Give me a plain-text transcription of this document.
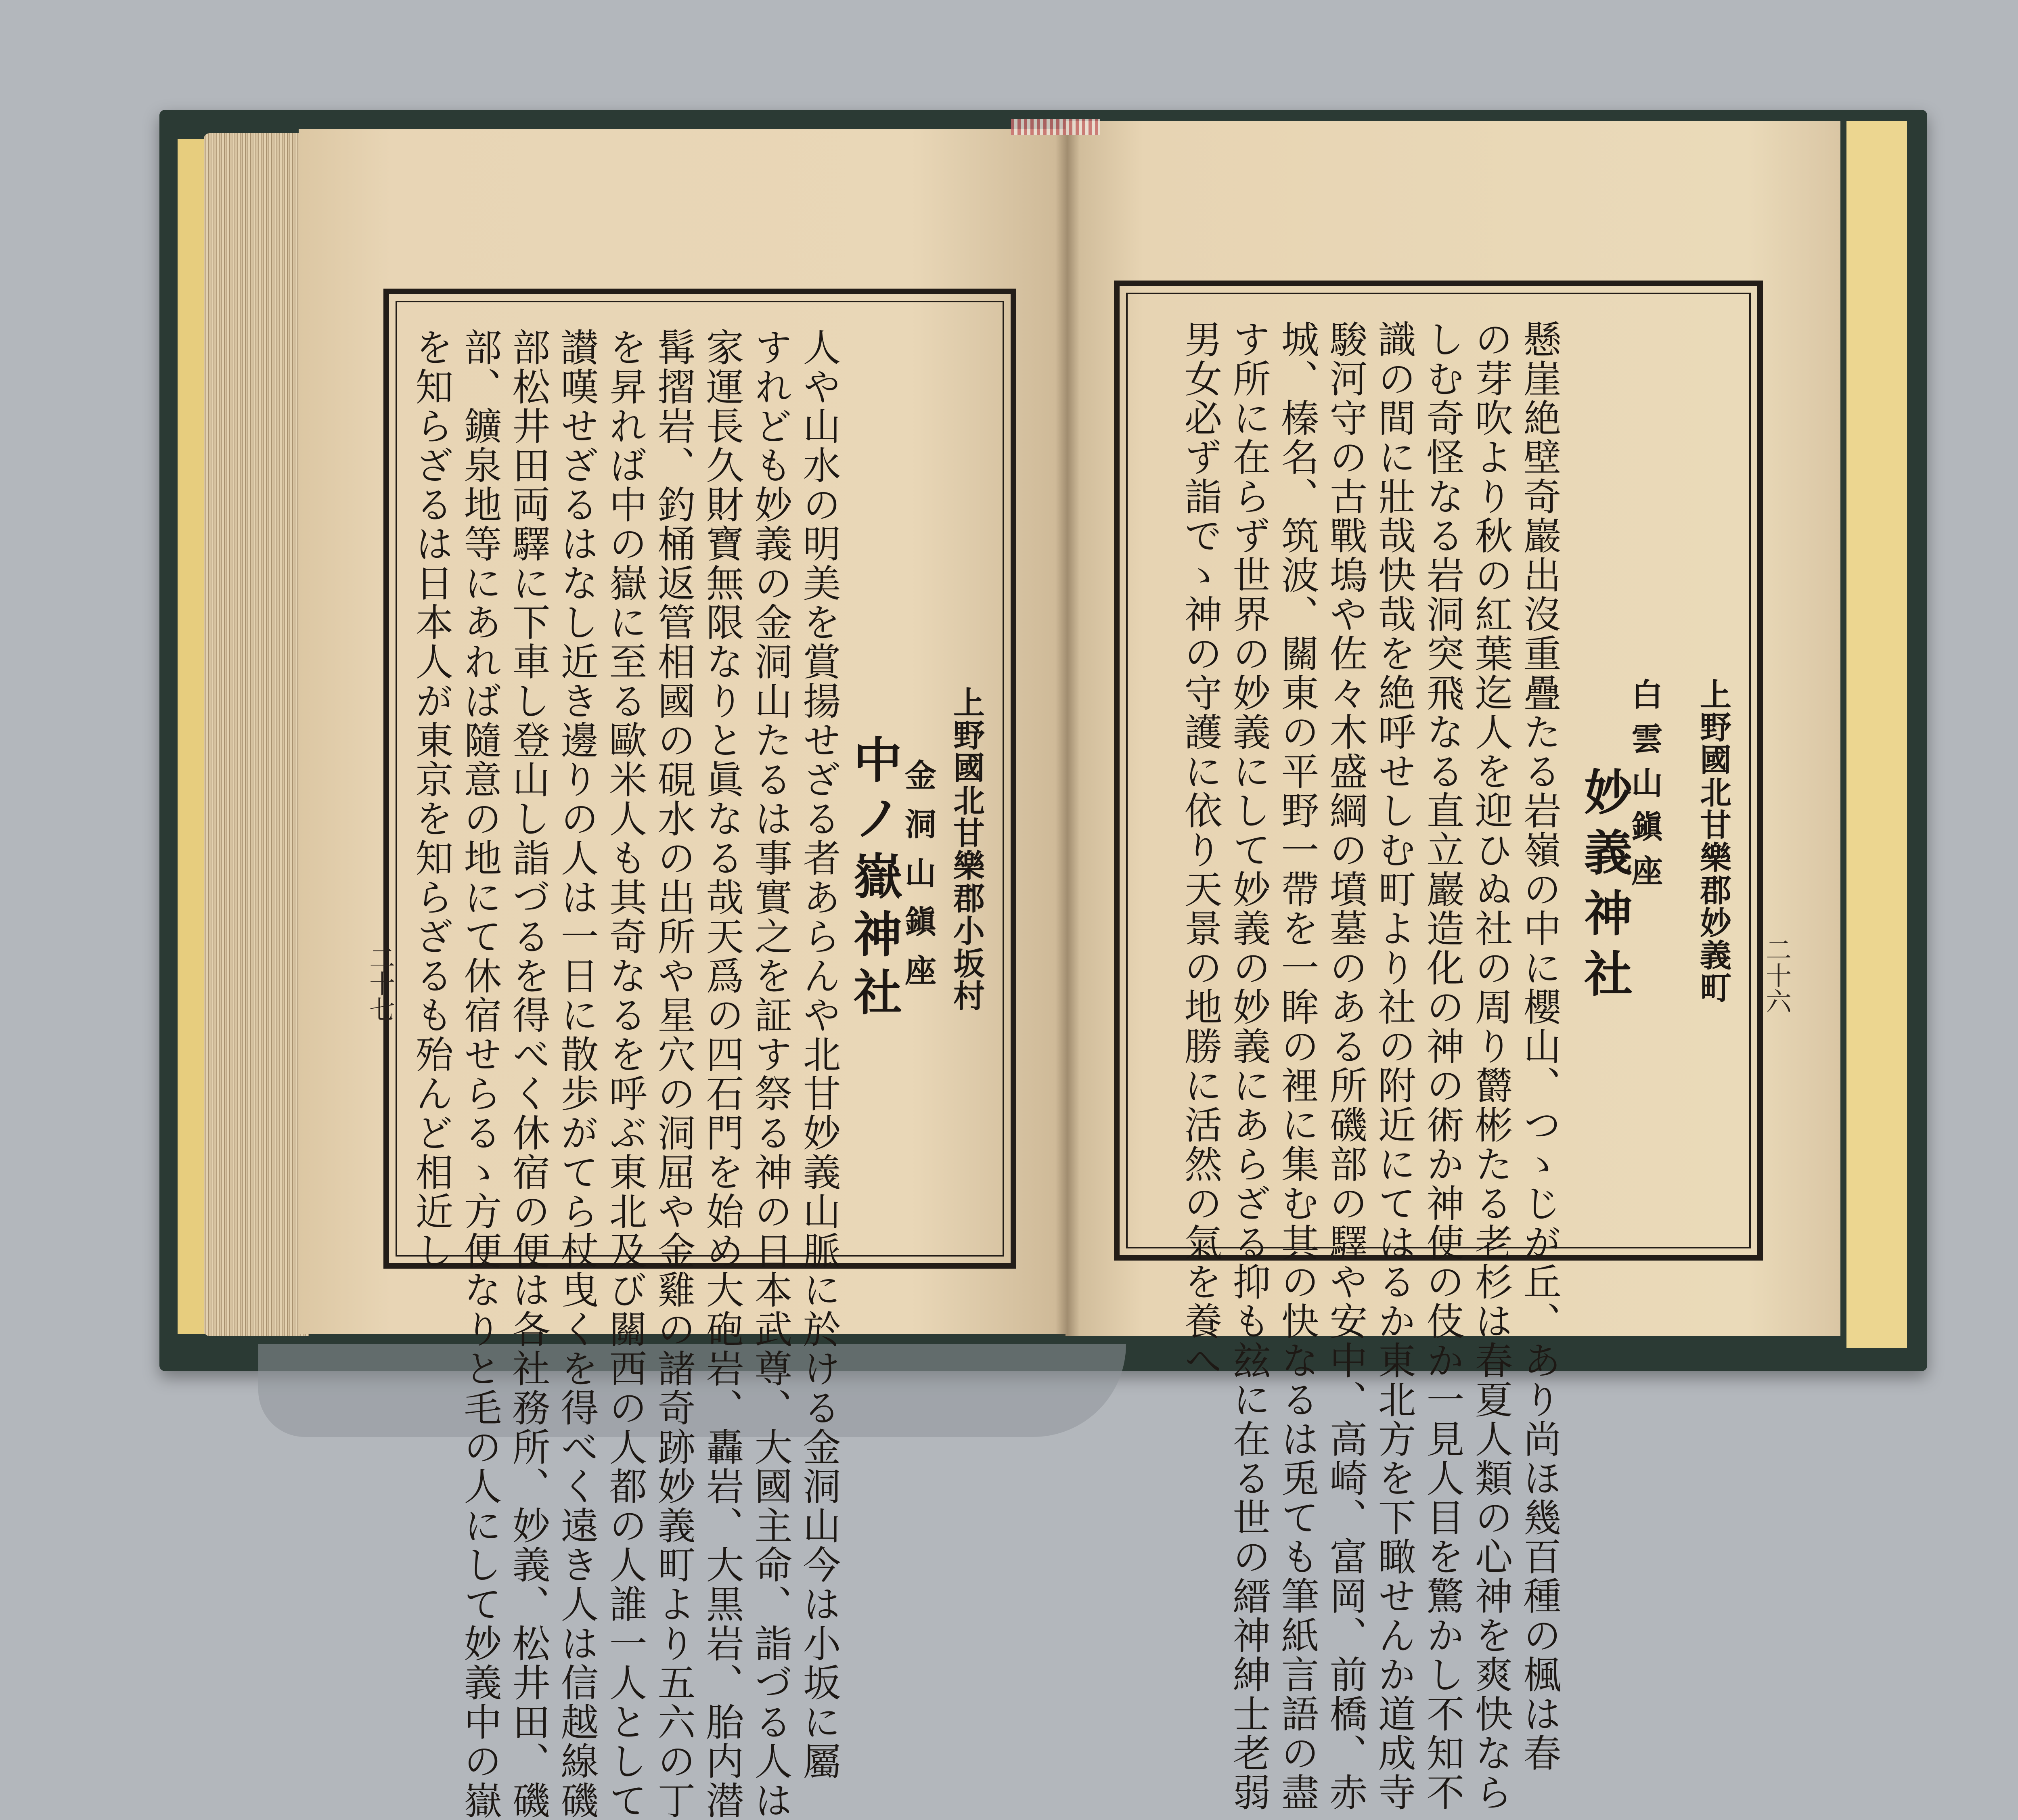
上野國北甘樂郡小坂村
金洞山鎭座
中ノ嶽神社
人や山水の明美を賞揚せざる者あらんや北甘妙義山脈に於ける金洞山今は小坂に屬
すれども妙義の金洞山たるは事實之を証す祭る神の日本武尊、大國主命、詣づる人は
家運長久財寶無限なりと眞なる哉天爲の四石門を始め大砲岩、轟岩、大黒岩、胎内潜
髯摺岩、釣桶返管相國の硯水の出所や星穴の洞屈や金雞の諸奇跡妙義町より五六の丁
を昇れば中の嶽に至る歐米人も其奇なるを呼ぶ東北及び關西の人都の人誰一人として
讃嘆せざるはなし近き邊りの人は一日に散歩がてら杖曳くを得べく遠き人は信越線磯
部松井田両驛に下車し登山し詣づるを得べく休宿の便は各社務所、妙義、松井田、磯
部、鑛泉地等にあれば隨意の地にて休宿せらるゝ方便なりと毛の人にして妙義中の嶽
を知らざるは日本人が東京を知らざるも殆んど相近し
二十七	上野國北甘樂郡妙義町
白雲山鎭座
妙義神社
懸崖絶壁奇巖出沒重疊たる岩嶺の中に櫻山、つゝじが丘、あり尚ほ幾百種の楓は春
の芽吹より秋の紅葉迄人を迎ひぬ社の周り欝彬たる老杉は春夏人類の心神を爽快なら
しむ奇怪なる岩洞突飛なる直立巖造化の神の術か神使の伎か一見人目を驚かし不知不
識の間に壯哉快哉を絶呼せしむ町より社の附近にてはるか東北方を下瞰せんか道成寺
駿河守の古戰塢や佐々木盛綱の墳墓のある所磯部の驛や安中、高崎、富岡、前橋、赤
城、榛名、筑波、關東の平野一帶を一眸の裡に集む其の快なるは兎ても筆紙言語の盡
す所に在らず世界の妙義にして妙義の妙義にあらざる抑も玆に在る世の縉神紳士老弱
男女必ず詣でゝ神の守護に依り天景の地勝に活然の氣を養へ	二十六
